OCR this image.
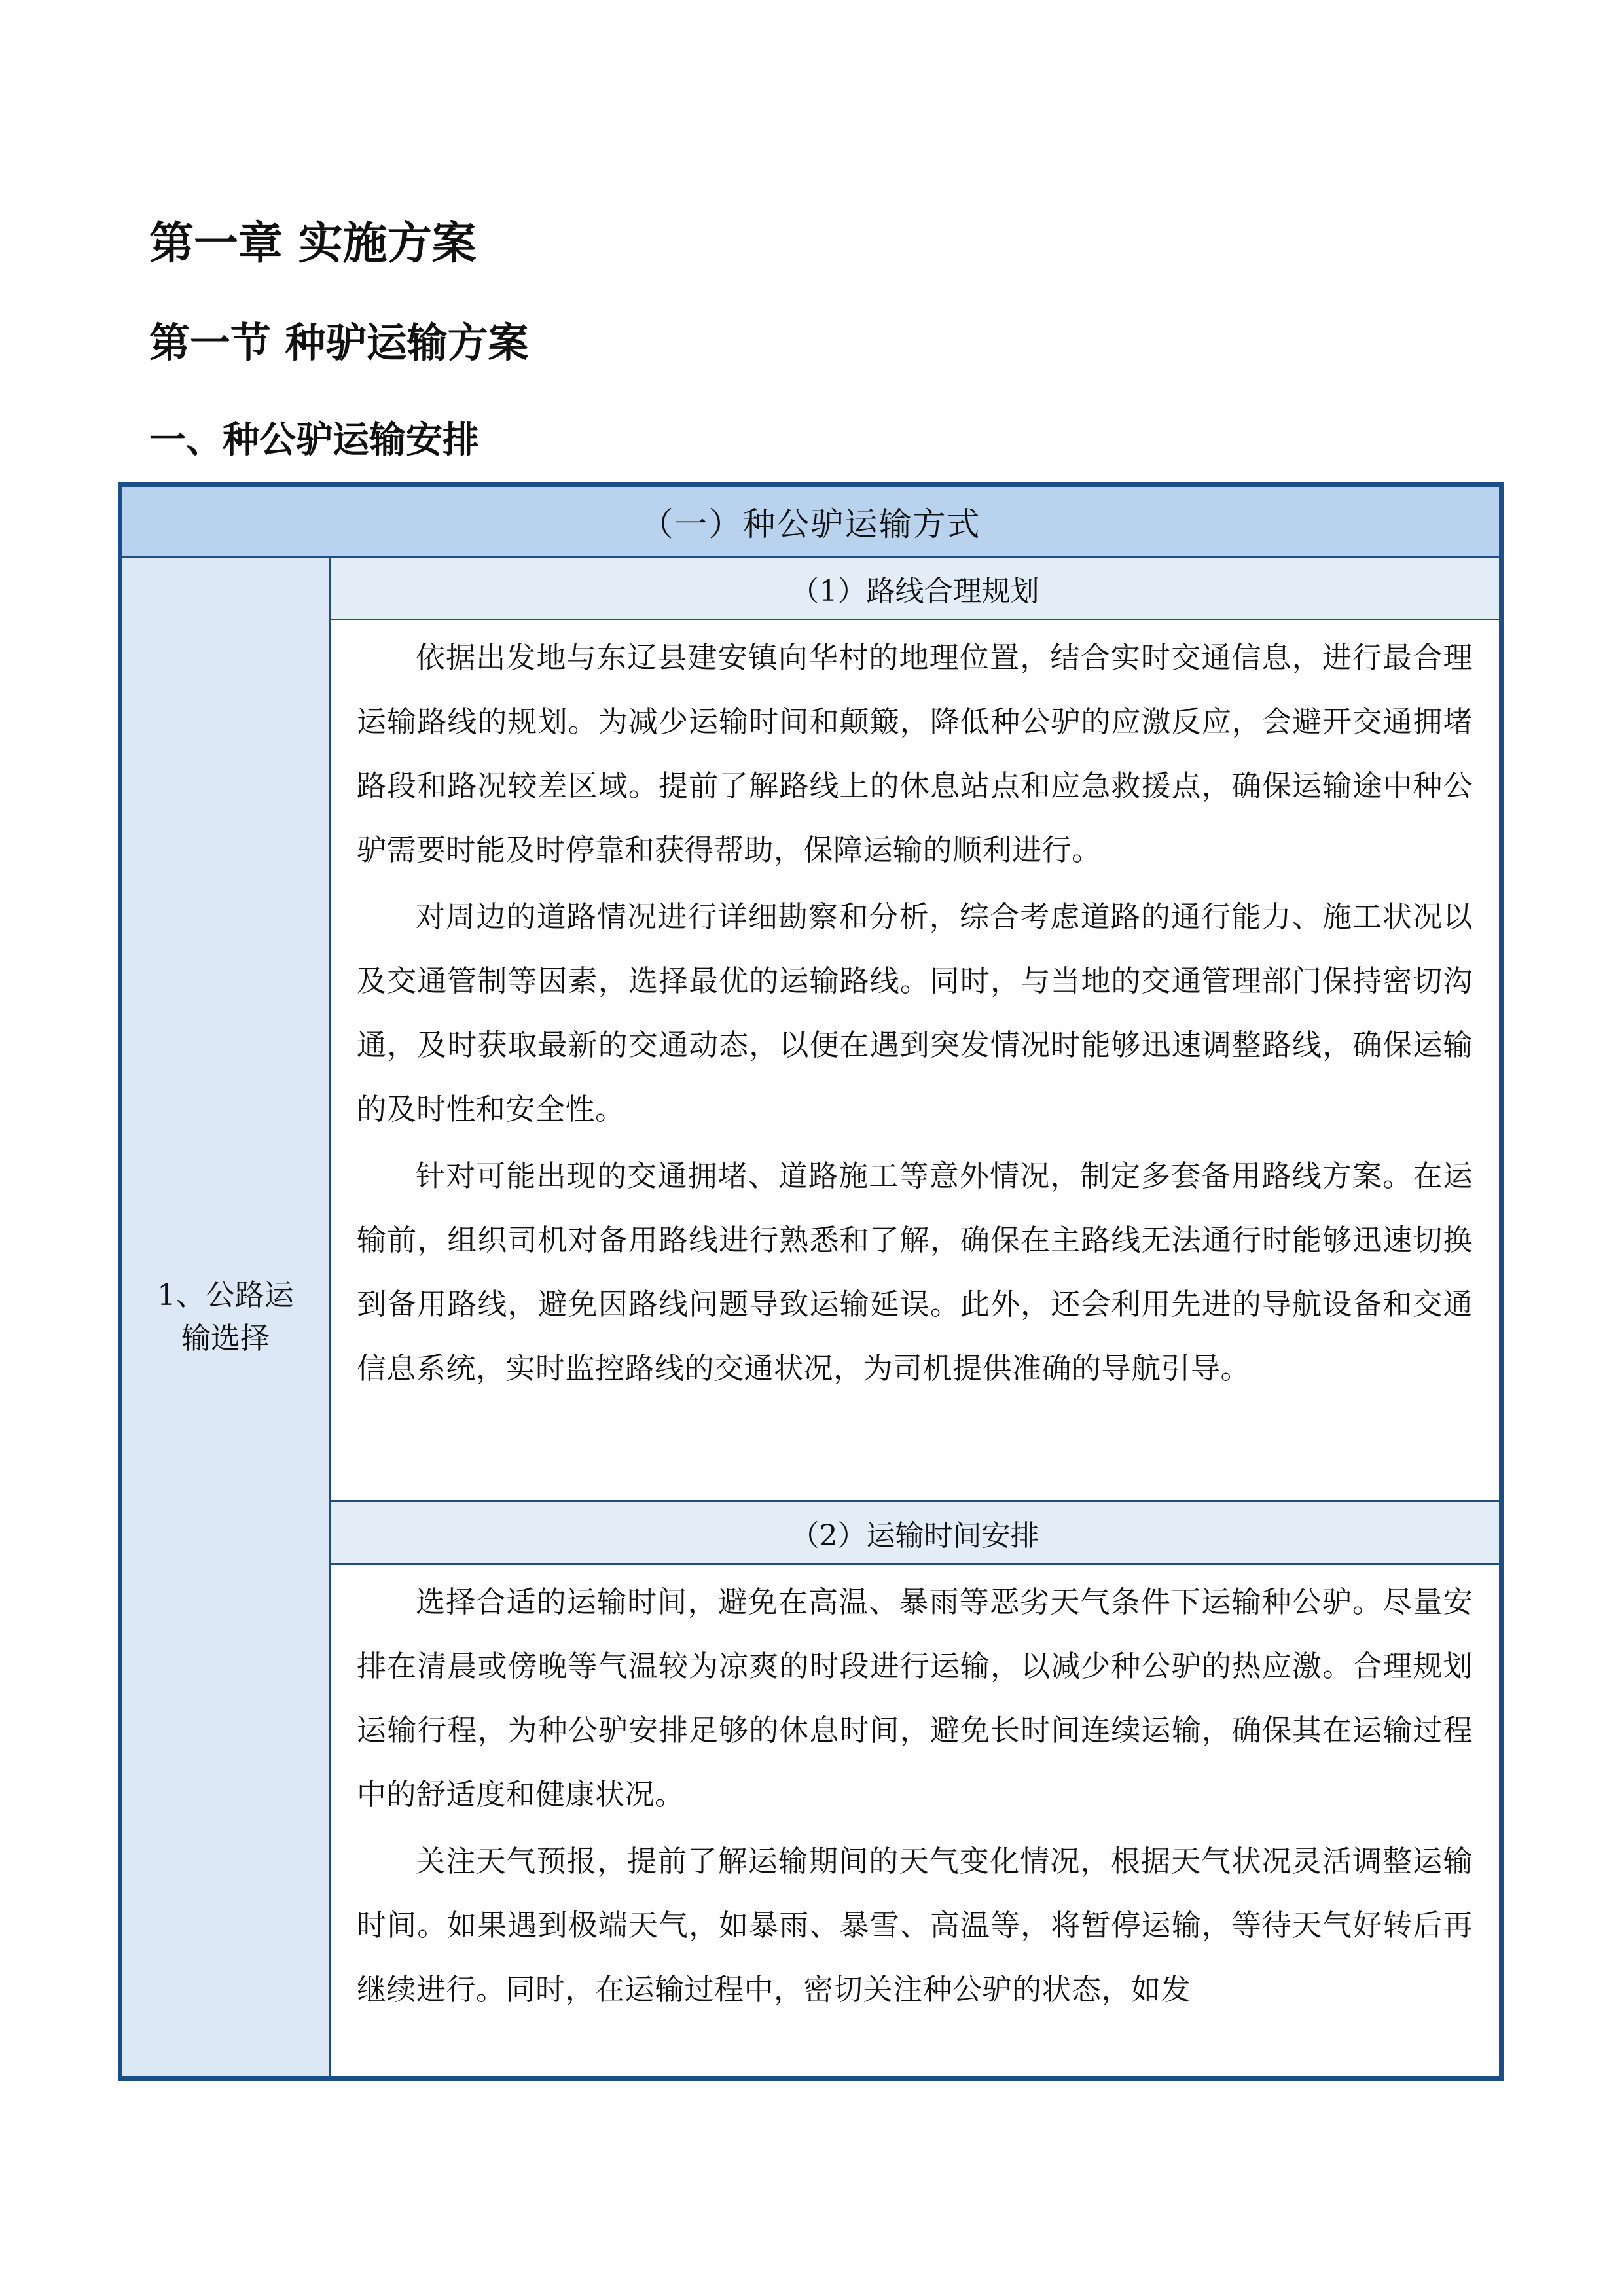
第一章 实施方案
第一节 种驴运输方案
一、种公驴运输安排
（一）种公驴运输方式
1、公路运输选择	（1）路线合理规划

依据出发地与东辽县建安镇向华村的地理位置，结合实时交通信息，进行最合理运输路线的规划。为减少运输时间和颠簸，降低种公驴的应激反应，会避开交通拥堵路段和路况较差区域。提前了解路线上的休息站点和应急救援点，确保运输途中种公驴需要时能及时停靠和获得帮助，保障运输的顺利进行。

对周边的道路情况进行详细勘察和分析，综合考虑道路的通行能力、施工状况以及交通管制等因素，选择最优的运输路线。同时，与当地的交通管理部门保持密切沟通，及时获取最新的交通动态，以便在遇到突发情况时能够迅速调整路线，确保运输的及时性和安全性。

针对可能出现的交通拥堵、道路施工等意外情况，制定多套备用路线方案。在运输前，组织司机对备用路线进行熟悉和了解，确保在主路线无法通行时能够迅速切换到备用路线，避免因路线问题导致运输延误。此外，还会利用先进的导航设备和交通信息系统，实时监控路线的交通状况，为司机提供准确的导航引导。

（2）运输时间安排

选择合适的运输时间，避免在高温、暴雨等恶劣天气条件下运输种公驴。尽量安排在清晨或傍晚等气温较为凉爽的时段进行运输，以减少种公驴的热应激。合理规划运输行程，为种公驴安排足够的休息时间，避免长时间连续运输，确保其在运输过程中的舒适度和健康状况。

关注天气预报，提前了解运输期间的天气变化情况，根据天气状况灵活调整运输时间。如果遇到极端天气，如暴雨、暴雪、高温等，将暂停运输，等待天气好转后再继续进行。同时，在运输过程中，密切关注种公驴的状态，如发
